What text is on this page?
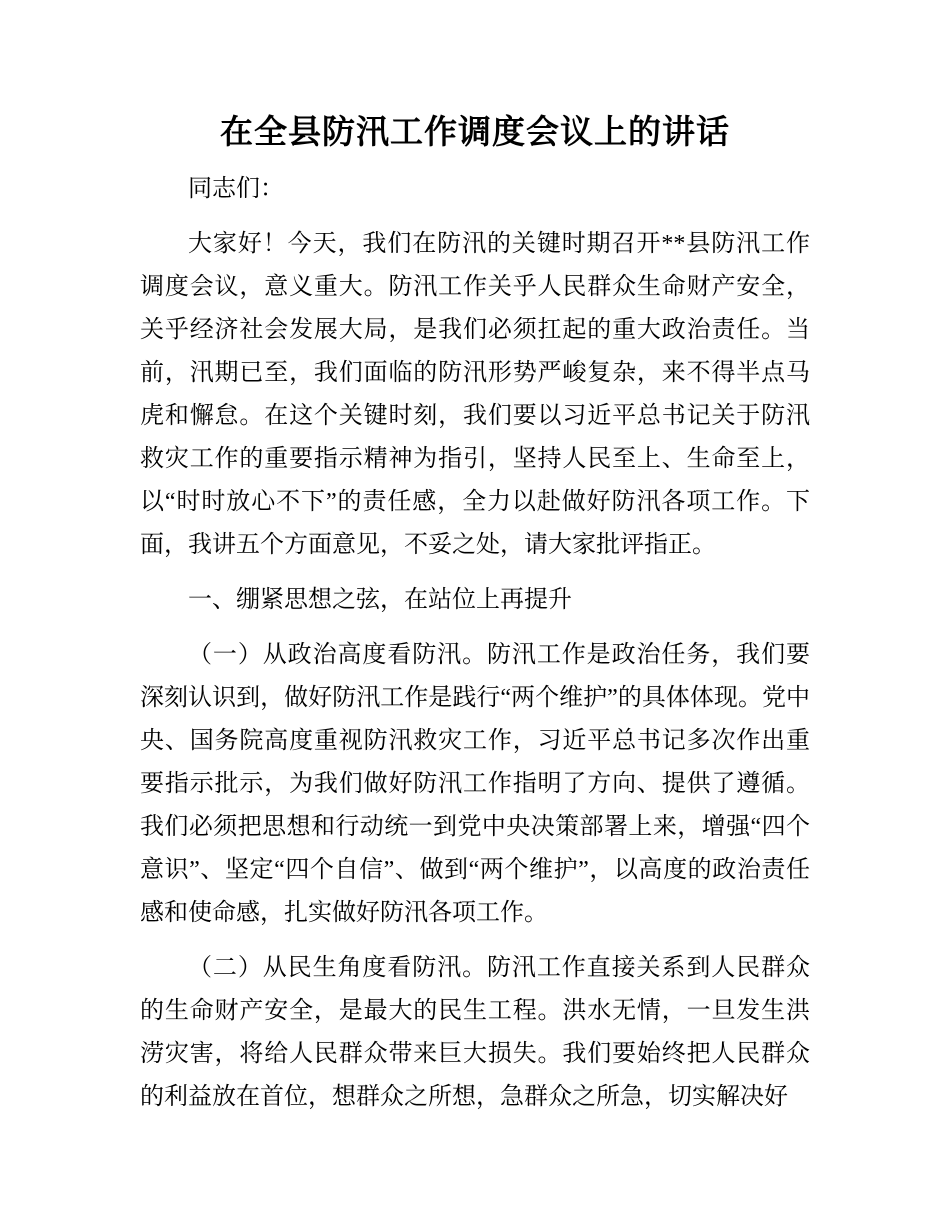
在全县防汛工作调度会议上的讲话

同志们：

大家好！今天，我们在防汛的关键时期召开**县防汛工作调度会议，意义重大。防汛工作关乎人民群众生命财产安全，关乎经济社会发展大局，是我们必须扛起的重大政治责任。当前，汛期已至，我们面临的防汛形势严峻复杂，来不得半点马虎和懈怠。在这个关键时刻，我们要以习近平总书记关于防汛救灾工作的重要指示精神为指引，坚持人民至上、生命至上，以“时时放心不下”的责任感，全力以赴做好防汛各项工作。下面，我讲五个方面意见，不妥之处，请大家批评指正。

一、绷紧思想之弦，在站位上再提升

（一）从政治高度看防汛。防汛工作是政治任务，我们要深刻认识到，做好防汛工作是践行“两个维护”的具体体现。党中央、国务院高度重视防汛救灾工作，习近平总书记多次作出重要指示批示，为我们做好防汛工作指明了方向、提供了遵循。我们必须把思想和行动统一到党中央决策部署上来，增强“四个意识”、坚定“四个自信”、做到“两个维护”，以高度的政治责任感和使命感，扎实做好防汛各项工作。

（二）从民生角度看防汛。防汛工作直接关系到人民群众的生命财产安全，是最大的民生工程。洪水无情，一旦发生洪涝灾害，将给人民群众带来巨大损失。我们要始终把人民群众的利益放在首位，想群众之所想，急群众之所急，切实解决好
